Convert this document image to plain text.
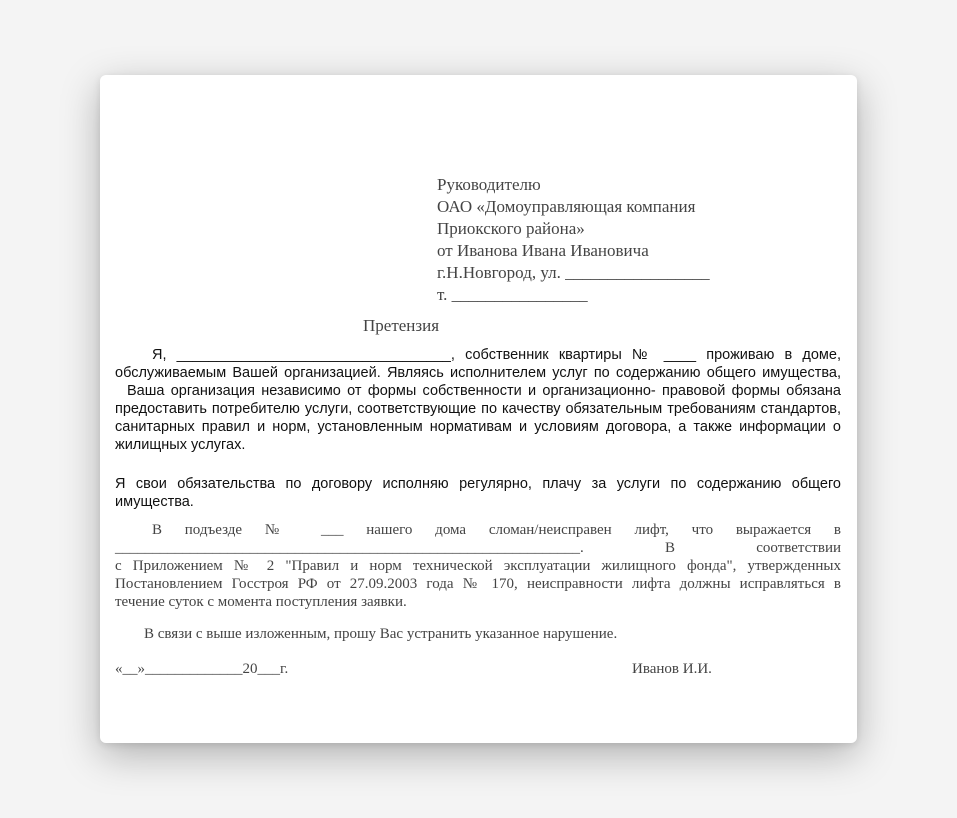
Руководителю
ОАО «Домоуправляющая компания
Приокского района»
от Иванова Ивана Ивановича
г.Н.Новгород, ул. _________________
т. ________________
Претензия
Я, __________________________________, собственник квартиры № ____ проживаю в доме,
обслуживаемым Вашей организацией. Являясь исполнителем услуг по содержанию общего имущества,
Ваша организация независимо от формы собственности и организационно- правовой формы обязана
предоставить потребителю услуги, соответствующие по качеству обязательным требованиям стандартов,
санитарных правил и норм, установленным нормативам и условиям договора, а также информации о
жилищных услугах.
Я свои обязательства по договору исполняю регулярно, плачу за услуги по содержанию общего
имущества.
В подъезде № ___ нашего дома сломан/неисправен лифт, что выражается в
______________________________________________________________. В соответствии
с Приложением № 2 "Правил и норм технической эксплуатации жилищного фонда", утвержденных
Постановлением Госстроя РФ от 27.09.2003 года № 170, неисправности лифта должны исправляться в
течение суток с момента поступления заявки.
В связи с выше изложенным, прошу Вас устранить указанное нарушение.
«__»_____________20___г.	Иванов И.И.
